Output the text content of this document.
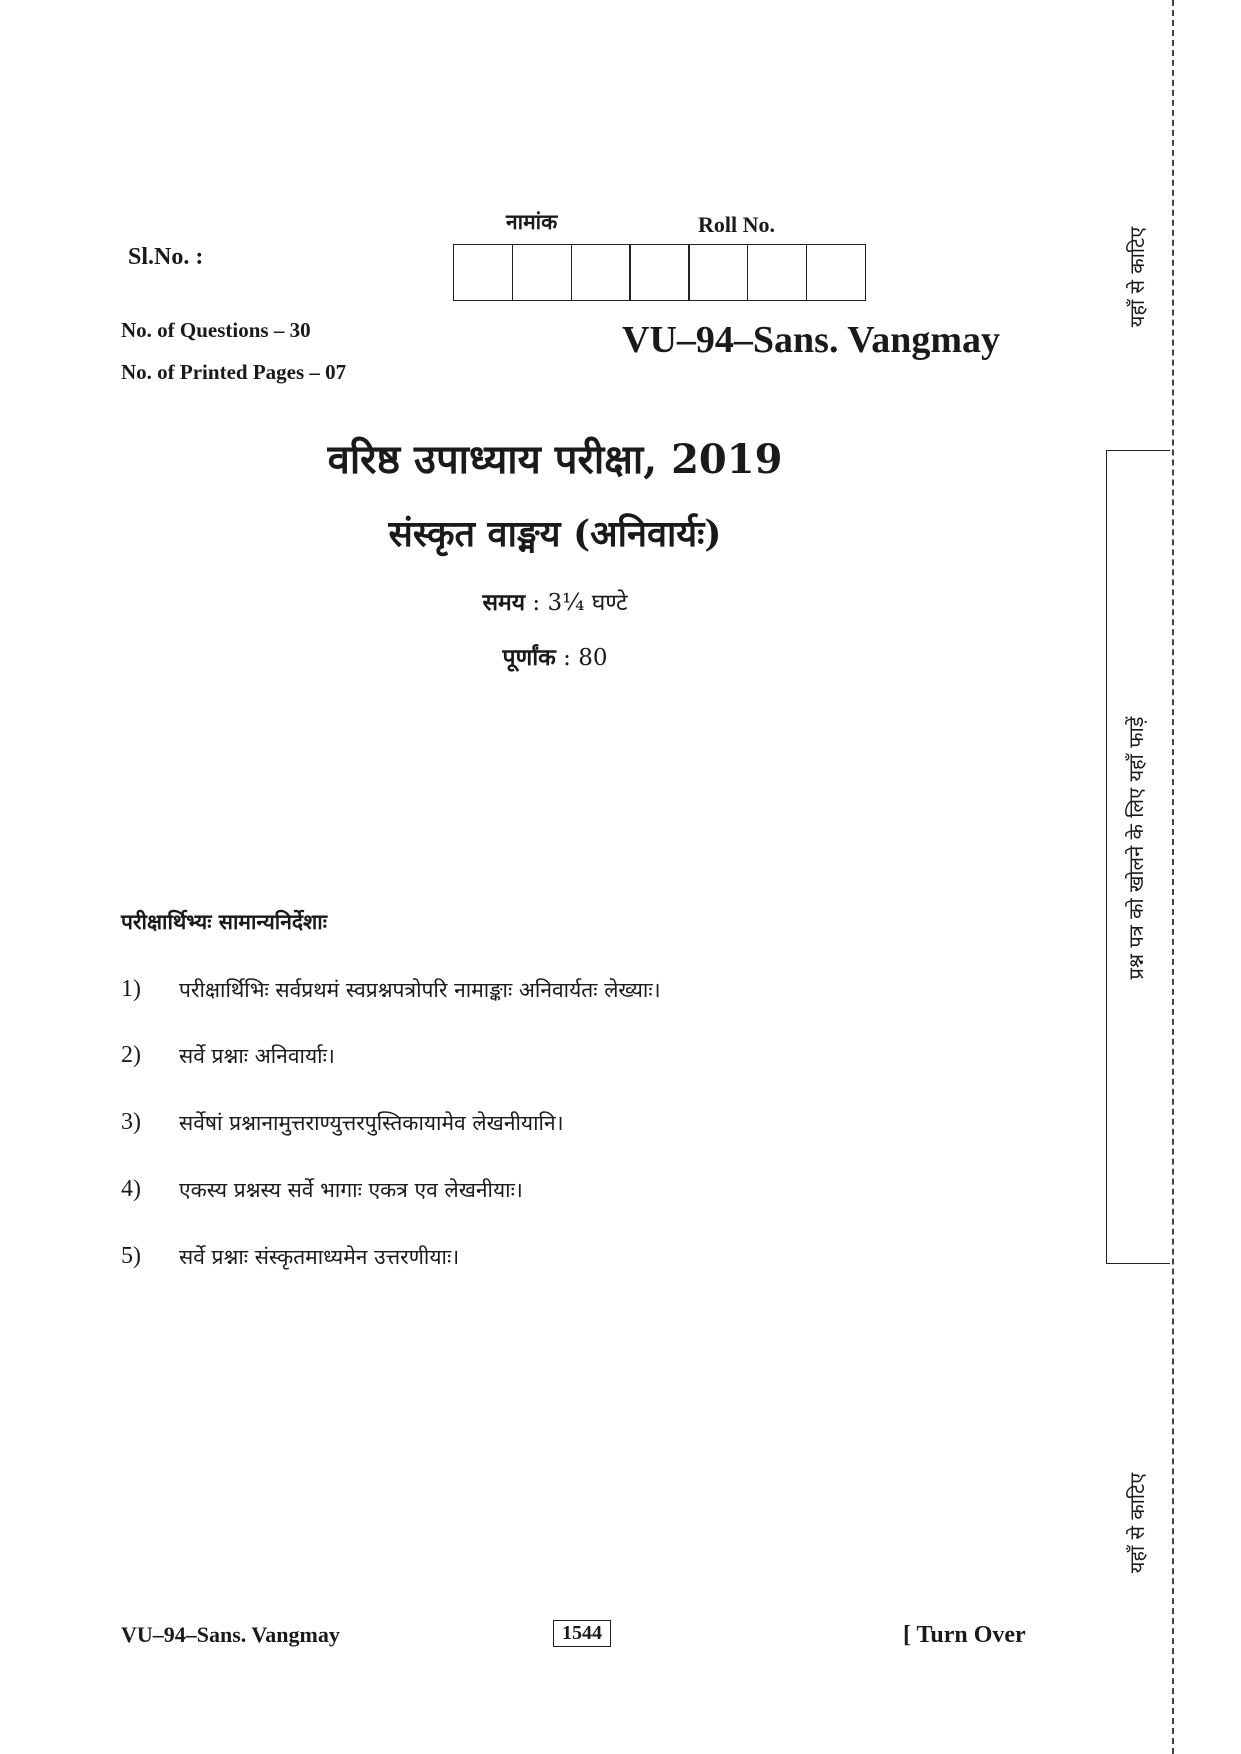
Sl.No. :
नामांक	Roll No.
No. of Questions – 30
No. of Printed Pages – 07
VU–94–Sans. Vangmay
वरिष्ठ उपाध्याय परीक्षा, 2019
संस्कृत वाङ्मय (अनिवार्यः)
समय : 3¼ घण्टे
पूर्णांक : 80
परीक्षार्थिभ्यः सामान्यनिर्देशाः
1)	परीक्षार्थिभिः सर्वप्रथमं स्वप्रश्नपत्रोपरि नामाङ्काः अनिवार्यतः लेख्याः।
2)	सर्वे प्रश्नाः अनिवार्याः।
3)	सर्वेषां प्रश्नानामुत्तराण्युत्तरपुस्तिकायामेव लेखनीयानि।
4)	एकस्य प्रश्नस्य सर्वे भागाः एकत्र एव लेखनीयाः।
5)	सर्वे प्रश्नाः संस्कृतमाध्यमेन उत्तरणीयाः।
VU–94–Sans. Vangmay	1544	[ Turn Over
यहाँ से काटिए
प्रश्न पत्र को खोलने के लिए यहाँ फाड़ें
यहाँ से काटिए
